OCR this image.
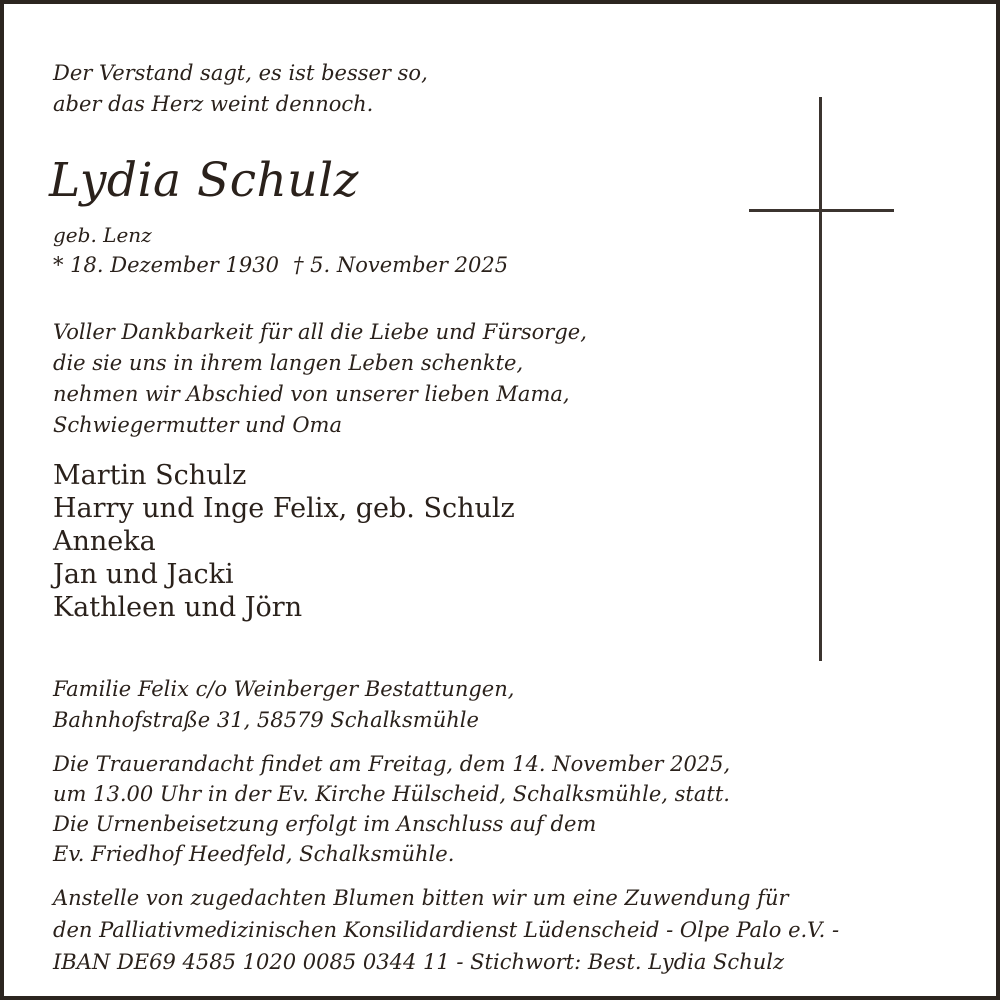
Der Verstand sagt, es ist besser so,
aber das Herz weint dennoch.

Lydia Schulz

geb. Lenz

* 18. Dezember 1930 † 5. November 2025

Voller Dankbarkeit für all die Liebe und Fürsorge,
die sie uns in ihrem langen Leben schenkte,
nehmen wir Abschied von unserer lieben Mama,
Schwiegermutter und Oma

Martin Schulz
Harry und Inge Felix, geb. Schulz
Anneka
Jan und Jacki
Kathleen und Jörn

Familie Felix c/o Weinberger Bestattungen,
Bahnhofstraße 31, 58579 Schalksmühle

Die Trauerandacht findet am Freitag, dem 14. November 2025,
um 13.00 Uhr in der Ev. Kirche Hülscheid, Schalksmühle, statt.
Die Urnenbeisetzung erfolgt im Anschluss auf dem
Ev. Friedhof Heedfeld, Schalksmühle.

Anstelle von zugedachten Blumen bitten wir um eine Zuwendung für
den Palliativmedizinischen Konsilidardienst Lüdenscheid - Olpe Palo e.V. -
IBAN DE69 4585 1020 0085 0344 11 - Stichwort: Best. Lydia Schulz
